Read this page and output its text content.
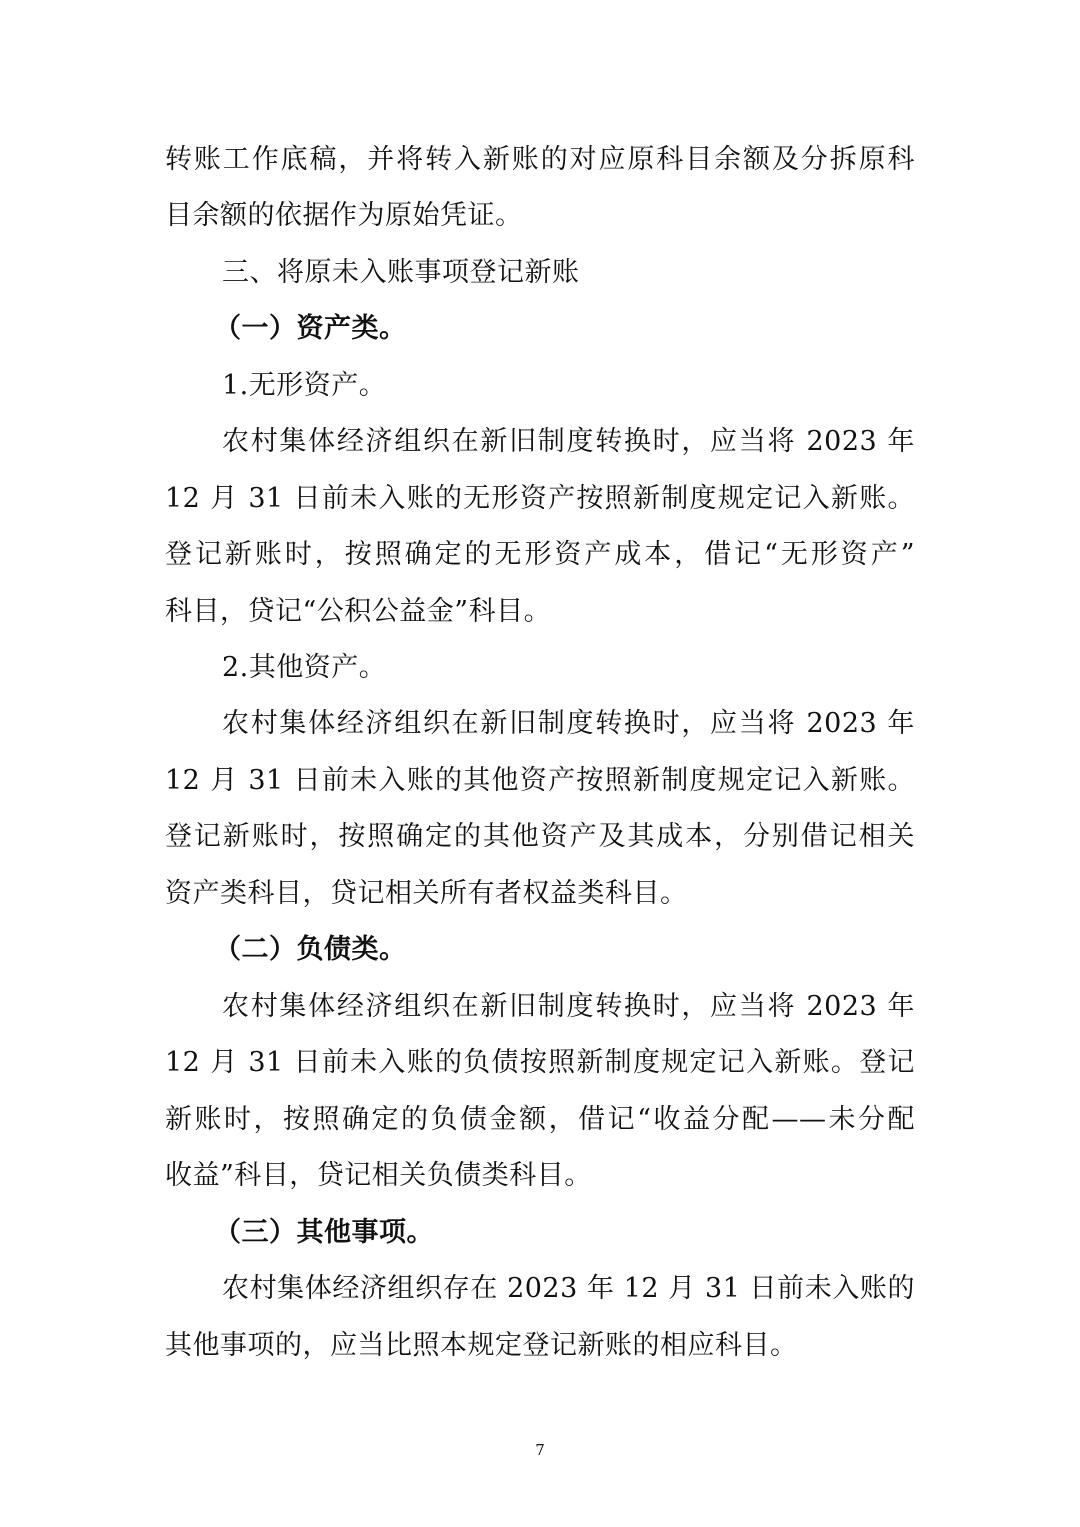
转账工作底稿，并将转入新账的对应原科目余额及分拆原科
目余额的依据作为原始凭证。
三、将原未入账事项登记新账
（一）资产类。
1.无形资产。
农村集体经济组织在新旧制度转换时，应当将 2023 年
12 月 31 日前未入账的无形资产按照新制度规定记入新账。
登记新账时，按照确定的无形资产成本，借记“无形资产”
科目，贷记“公积公益金”科目。
2.其他资产。
农村集体经济组织在新旧制度转换时，应当将 2023 年
12 月 31 日前未入账的其他资产按照新制度规定记入新账。
登记新账时，按照确定的其他资产及其成本，分别借记相关
资产类科目，贷记相关所有者权益类科目。
（二）负债类。
农村集体经济组织在新旧制度转换时，应当将 2023 年
12 月 31 日前未入账的负债按照新制度规定记入新账。登记
新账时，按照确定的负债金额，借记“收益分配——未分配
收益”科目，贷记相关负债类科目。
（三）其他事项。
农村集体经济组织存在 2023 年 12 月 31 日前未入账的
其他事项的，应当比照本规定登记新账的相应科目。
7
